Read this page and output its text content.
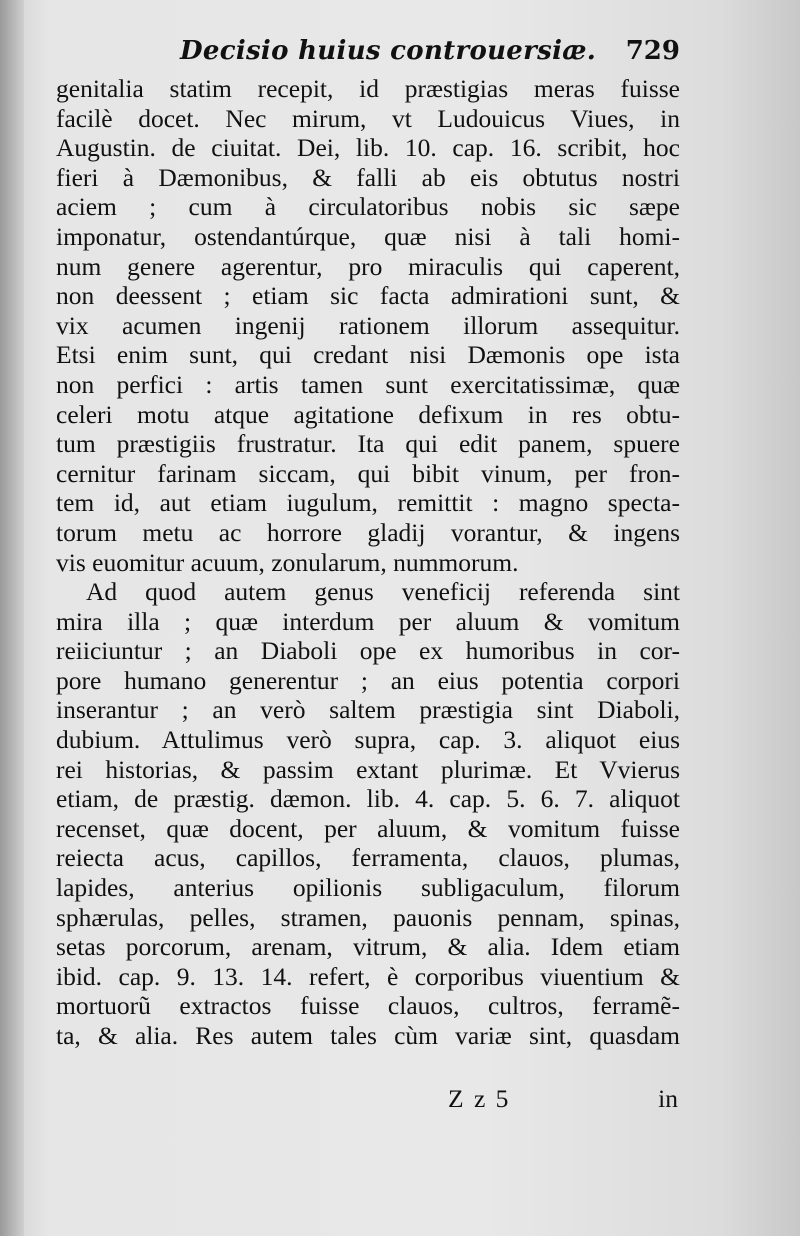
Decisio huius controuersiæ. 729
genitalia statim recepit, id præstigias meras fuisse
facilè docet. Nec mirum, vt Ludouicus Viues, in
Augustin. de ciuitat. Dei, lib. 10. cap. 16. scribit, hoc
fieri à Dæmonibus, & falli ab eis obtutus nostri
aciem ; cum à circulatoribus nobis sic sæpe
imponatur, ostendantúrque, quæ nisi à tali homi-
num genere agerentur, pro miraculis qui caperent,
non deessent ; etiam sic facta admirationi sunt, &
vix acumen ingenij rationem illorum assequitur.
Etsi enim sunt, qui credant nisi Dæmonis ope ista
non perfici : artis tamen sunt exercitatissimæ, quæ
celeri motu atque agitatione defixum in res obtu-
tum præstigiis frustratur. Ita qui edit panem, spuere
cernitur farinam siccam, qui bibit vinum, per fron-
tem id, aut etiam iugulum, remittit : magno specta-
torum metu ac horrore gladij vorantur, & ingens
vis euomitur acuum, zonularum, nummorum.
Ad quod autem genus veneficij referenda sint
mira illa ; quæ interdum per aluum & vomitum
reiiciuntur ; an Diaboli ope ex humoribus in cor-
pore humano generentur ; an eius potentia corpori
inserantur ; an verò saltem præstigia sint Diaboli,
dubium. Attulimus verò supra, cap. 3. aliquot eius
rei historias, & passim extant plurimæ. Et Vvierus
etiam, de præstig. dæmon. lib. 4. cap. 5. 6. 7. aliquot
recenset, quæ docent, per aluum, & vomitum fuisse
reiecta acus, capillos, ferramenta, clauos, plumas,
lapides, anterius opilionis subligaculum, filorum
sphærulas, pelles, stramen, pauonis pennam, spinas,
setas porcorum, arenam, vitrum, & alia. Idem etiam
ibid. cap. 9. 13. 14. refert, è corporibus viuentium &
mortuorũ extractos fuisse clauos, cultros, ferramẽ-
ta, & alia. Res autem tales cùm variæ sint, quasdam
Z z 5	in
